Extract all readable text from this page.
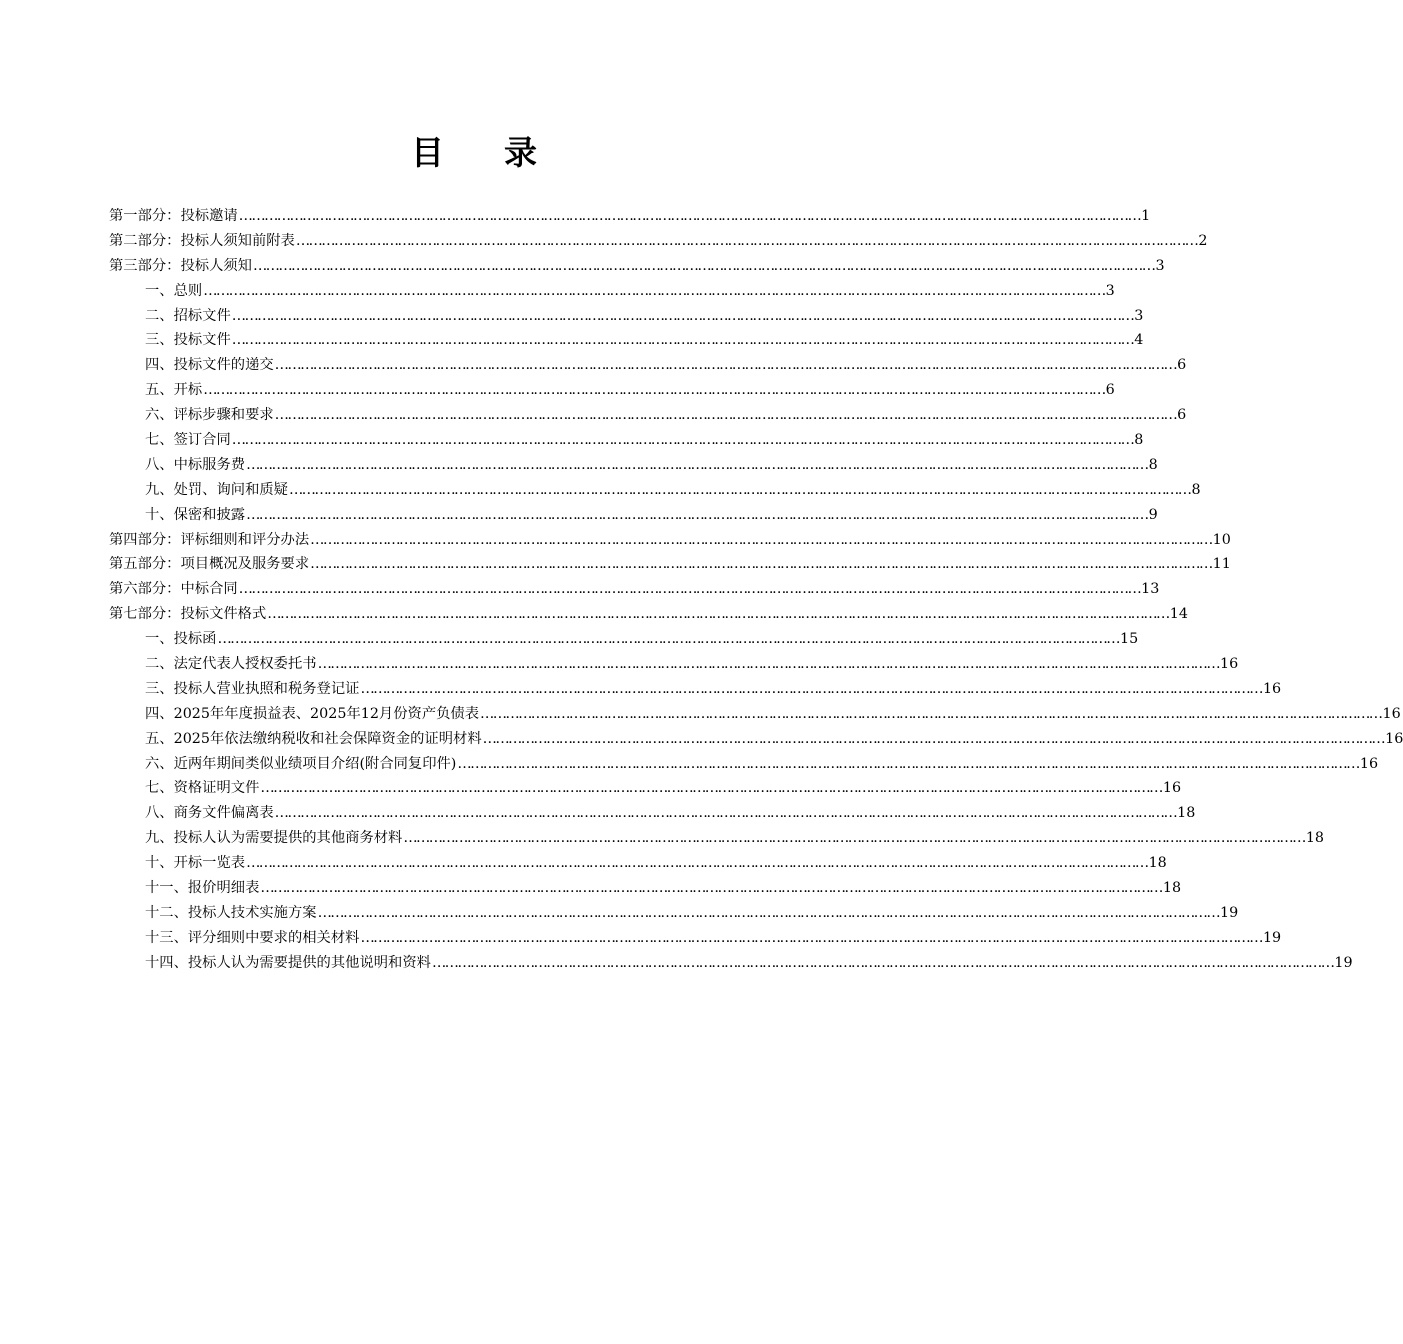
目 录
第一部分：投标邀请 …………………………………………………………………………………………………………………………………………………………………………………………… 1
第二部分：投标人须知前附表 …………………………………………………………………………………………………………………………………………………………………………………………… 2
第三部分：投标人须知 …………………………………………………………………………………………………………………………………………………………………………………………… 3
一、总则 …………………………………………………………………………………………………………………………………………………………………………………………… 3
二、招标文件 …………………………………………………………………………………………………………………………………………………………………………………………… 3
三、投标文件 …………………………………………………………………………………………………………………………………………………………………………………………… 4
四、投标文件的递交 …………………………………………………………………………………………………………………………………………………………………………………………… 6
五、开标 …………………………………………………………………………………………………………………………………………………………………………………………… 6
六、评标步骤和要求 …………………………………………………………………………………………………………………………………………………………………………………………… 6
七、签订合同 …………………………………………………………………………………………………………………………………………………………………………………………… 8
八、中标服务费 …………………………………………………………………………………………………………………………………………………………………………………………… 8
九、处罚、询问和质疑 …………………………………………………………………………………………………………………………………………………………………………………………… 8
十、保密和披露 …………………………………………………………………………………………………………………………………………………………………………………………… 9
第四部分：评标细则和评分办法 …………………………………………………………………………………………………………………………………………………………………………………………… 10
第五部分：项目概况及服务要求 …………………………………………………………………………………………………………………………………………………………………………………………… 11
第六部分：中标合同 …………………………………………………………………………………………………………………………………………………………………………………………… 13
第七部分：投标文件格式 …………………………………………………………………………………………………………………………………………………………………………………………… 14
一、投标函 …………………………………………………………………………………………………………………………………………………………………………………………… 15
二、法定代表人授权委托书 …………………………………………………………………………………………………………………………………………………………………………………………… 16
三、投标人营业执照和税务登记证 …………………………………………………………………………………………………………………………………………………………………………………………… 16
四、2025年年度损益表、2025年12月份资产负债表 …………………………………………………………………………………………………………………………………………………………………………………………… 16
五、2025年依法缴纳税收和社会保障资金的证明材料 …………………………………………………………………………………………………………………………………………………………………………………………… 16
六、近两年期间类似业绩项目介绍(附合同复印件) …………………………………………………………………………………………………………………………………………………………………………………………… 16
七、资格证明文件 …………………………………………………………………………………………………………………………………………………………………………………………… 16
八、商务文件偏离表 …………………………………………………………………………………………………………………………………………………………………………………………… 18
九、投标人认为需要提供的其他商务材料 …………………………………………………………………………………………………………………………………………………………………………………………… 18
十、开标一览表 …………………………………………………………………………………………………………………………………………………………………………………………… 18
十一、报价明细表 …………………………………………………………………………………………………………………………………………………………………………………………… 18
十二、投标人技术实施方案 …………………………………………………………………………………………………………………………………………………………………………………………… 19
十三、评分细则中要求的相关材料 …………………………………………………………………………………………………………………………………………………………………………………………… 19
十四、投标人认为需要提供的其他说明和资料 …………………………………………………………………………………………………………………………………………………………………………………………… 19
